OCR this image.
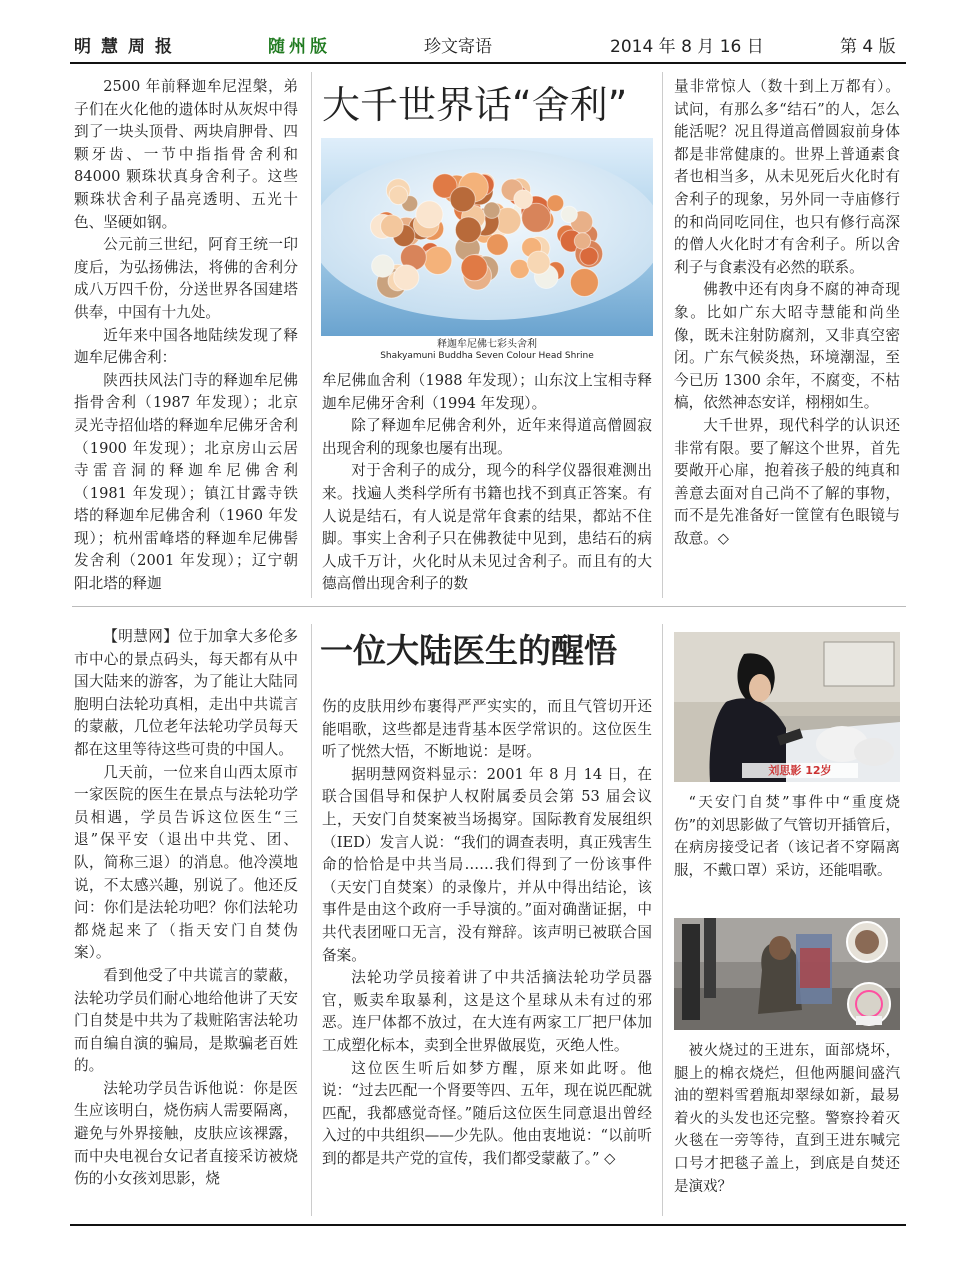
明慧周报	随州版	珍文寄语	2014 年 8 月 16 日	第 4 版

2500 年前释迦牟尼涅槃，弟子们在火化他的遗体时从灰烬中得到了一块头顶骨、两块肩胛骨、四颗牙齿、一节中指指骨舍利和 84000 颗珠状真身舍利子。这些颗珠状舍利子晶亮透明、五光十色、坚硬如钢。

公元前三世纪，阿育王统一印度后，为弘扬佛法，将佛的舍利分成八万四千份，分送世界各国建塔供奉，中国有十九处。

近年来中国各地陆续发现了释迦牟尼佛舍利：

陕西扶风法门寺的释迦牟尼佛指骨舍利（1987 年发现）；北京灵光寺招仙塔的释迦牟尼佛牙舍利（1900 年发现）；北京房山云居寺雷音洞的释迦牟尼佛舍利（1981 年发现）；镇江甘露寺铁塔的释迦牟尼佛舍利（1960 年发现）；杭州雷峰塔的释迦牟尼佛髻发舍利（2001 年发现）；辽宁朝阳北塔的释迦

大千世界话“舍利”
释迦牟尼佛七彩头舍利
Shakyamuni Buddha Seven Colour Head Shrine

牟尼佛血舍利（1988 年发现）；山东汶上宝相寺释迦牟尼佛牙舍利（1994 年发现）。

除了释迦牟尼佛舍利外，近年来得道高僧圆寂出现舍利的现象也屡有出现。

对于舍利子的成分，现今的科学仪器很难测出来。找遍人类科学所有书籍也找不到真正答案。有人说是结石，有人说是常年食素的结果，都站不住脚。事实上舍利子只在佛教徒中见到，患结石的病人成千万计，火化时从未见过舍利子。而且有的大德高僧出现舍利子的数

量非常惊人（数十到上万都有）。试问，有那么多“结石”的人，怎么能活呢？况且得道高僧圆寂前身体都是非常健康的。世界上普通素食者也相当多，从未见死后火化时有舍利子的现象，另外同一寺庙修行的和尚同吃同住，也只有修行高深的僧人火化时才有舍利子。所以舍利子与食素没有必然的联系。

佛教中还有肉身不腐的神奇现象。比如广东大昭寺慧能和尚坐像，既未注射防腐剂，又非真空密闭。广东气候炎热，环境潮湿，至今已历 1300 余年，不腐变，不枯槁，依然神态安详，栩栩如生。

大千世界，现代科学的认识还非常有限。要了解这个世界，首先要敞开心扉，抱着孩子般的纯真和善意去面对自己尚不了解的事物，而不是先准备好一筐筐有色眼镜与敌意。◇

【明慧网】位于加拿大多伦多市中心的景点码头，每天都有从中国大陆来的游客，为了能让大陆同胞明白法轮功真相，走出中共谎言的蒙蔽，几位老年法轮功学员每天都在这里等待这些可贵的中国人。

几天前，一位来自山西太原市一家医院的医生在景点与法轮功学员相遇，学员告诉这位医生“三退”保平安（退出中共党、团、队，简称三退）的消息。他冷漠地说，不太感兴趣，别说了。他还反问：你们是法轮功吧？你们法轮功都烧起来了（指天安门自焚伪案）。

看到他受了中共谎言的蒙蔽，法轮功学员们耐心地给他讲了天安门自焚是中共为了栽赃陷害法轮功而自编自演的骗局，是欺骗老百姓的。

法轮功学员告诉他说：你是医生应该明白，烧伤病人需要隔离，避免与外界接触，皮肤应该裸露，而中央电视台女记者直接采访被烧伤的小女孩刘思影，烧

一位大陆医生的醒悟

伤的皮肤用纱布裹得严严实实的，而且气管切开还能唱歌，这些都是违背基本医学常识的。这位医生听了恍然大悟，不断地说：是呀。

据明慧网资料显示：2001 年 8 月 14 日，在联合国倡导和保护人权附属委员会第 53 届会议上，天安门自焚案被当场揭穿。国际教育发展组织（IED）发言人说：“我们的调查表明，真正残害生命的恰恰是中共当局……我们得到了一份该事件（天安门自焚案）的录像片，并从中得出结论，该事件是由这个政府一手导演的。”面对确凿证据，中共代表团哑口无言，没有辩辞。该声明已被联合国备案。

法轮功学员接着讲了中共活摘法轮功学员器官，贩卖牟取暴利，这是这个星球从未有过的邪恶。连尸体都不放过，在大连有两家工厂把尸体加工成塑化标本，卖到全世界做展览，灭绝人性。

这位医生听后如梦方醒，原来如此呀。他说：“过去匹配一个肾要等四、五年，现在说匹配就匹配，我都感觉奇怪。”随后这位医生同意退出曾经入过的中共组织——少先队。他由衷地说：“以前听到的都是共产党的宣传，我们都受蒙蔽了。” ◇

刘思影 12岁

“天安门自焚”事件中“重度烧伤”的刘思影做了气管切开插管后，在病房接受记者（该记者不穿隔离服，不戴口罩）采访，还能唱歌。

被火烧过的王进东，面部烧坏，腿上的棉衣烧烂，但他两腿间盛汽油的塑料雪碧瓶却翠绿如新，最易着火的头发也还完整。警察拎着灭火毯在一旁等待，直到王进东喊完口号才把毯子盖上，到底是自焚还是演戏？
